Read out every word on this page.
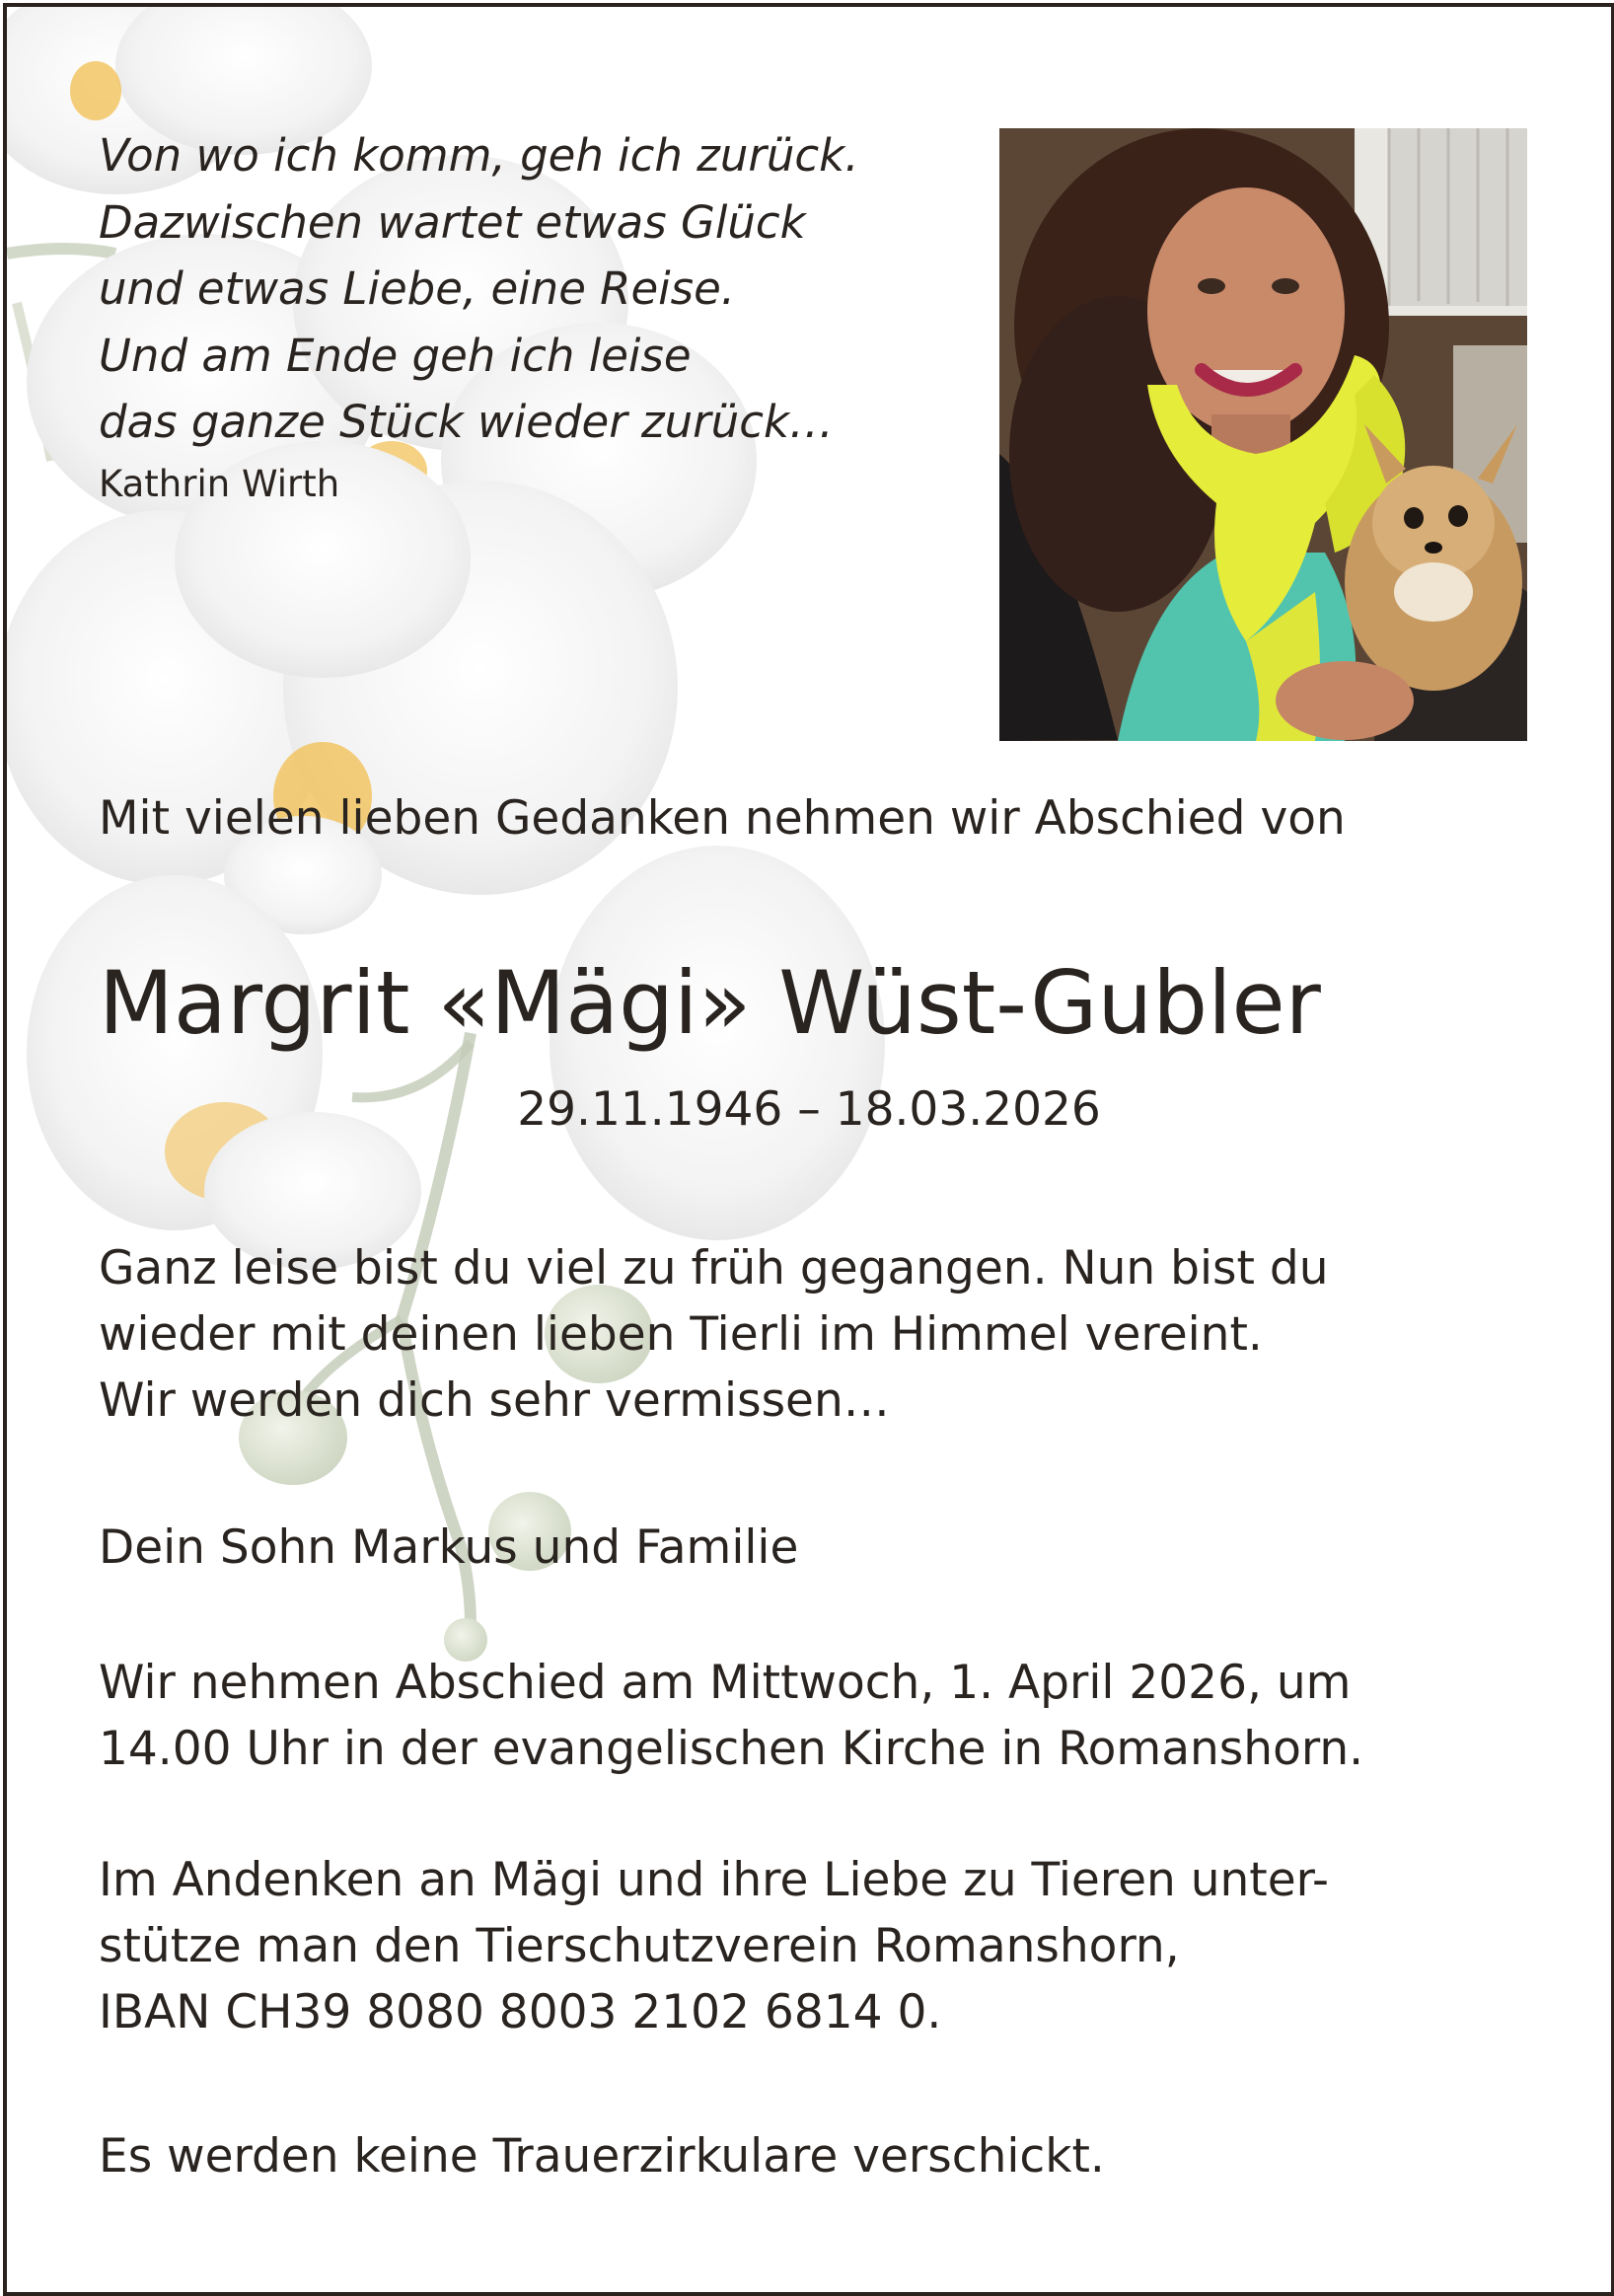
Von wo ich komm, geh ich zurück.
Dazwischen wartet etwas Glück
und etwas Liebe, eine Reise.
Und am Ende geh ich leise
das ganze Stück wieder zurück…

Kathrin Wirth

Mit vielen lieben Gedanken nehmen wir Abschied von

Margrit «Mägi» Wüst-Gubler

29.11.1946 – 18.03.2026

Ganz leise bist du viel zu früh gegangen. Nun bist du
wieder mit deinen lieben Tierli im Himmel vereint.
Wir werden dich sehr vermissen…
Dein Sohn Markus und Familie
Wir nehmen Abschied am Mittwoch, 1. April 2026, um
14.00 Uhr in der evangelischen Kirche in Romanshorn.
Im Andenken an Mägi und ihre Liebe zu Tieren unter-
stütze man den Tierschutzverein Romanshorn,
IBAN CH39 8080 8003 2102 6814 0.
Es werden keine Trauerzirkulare verschickt.
